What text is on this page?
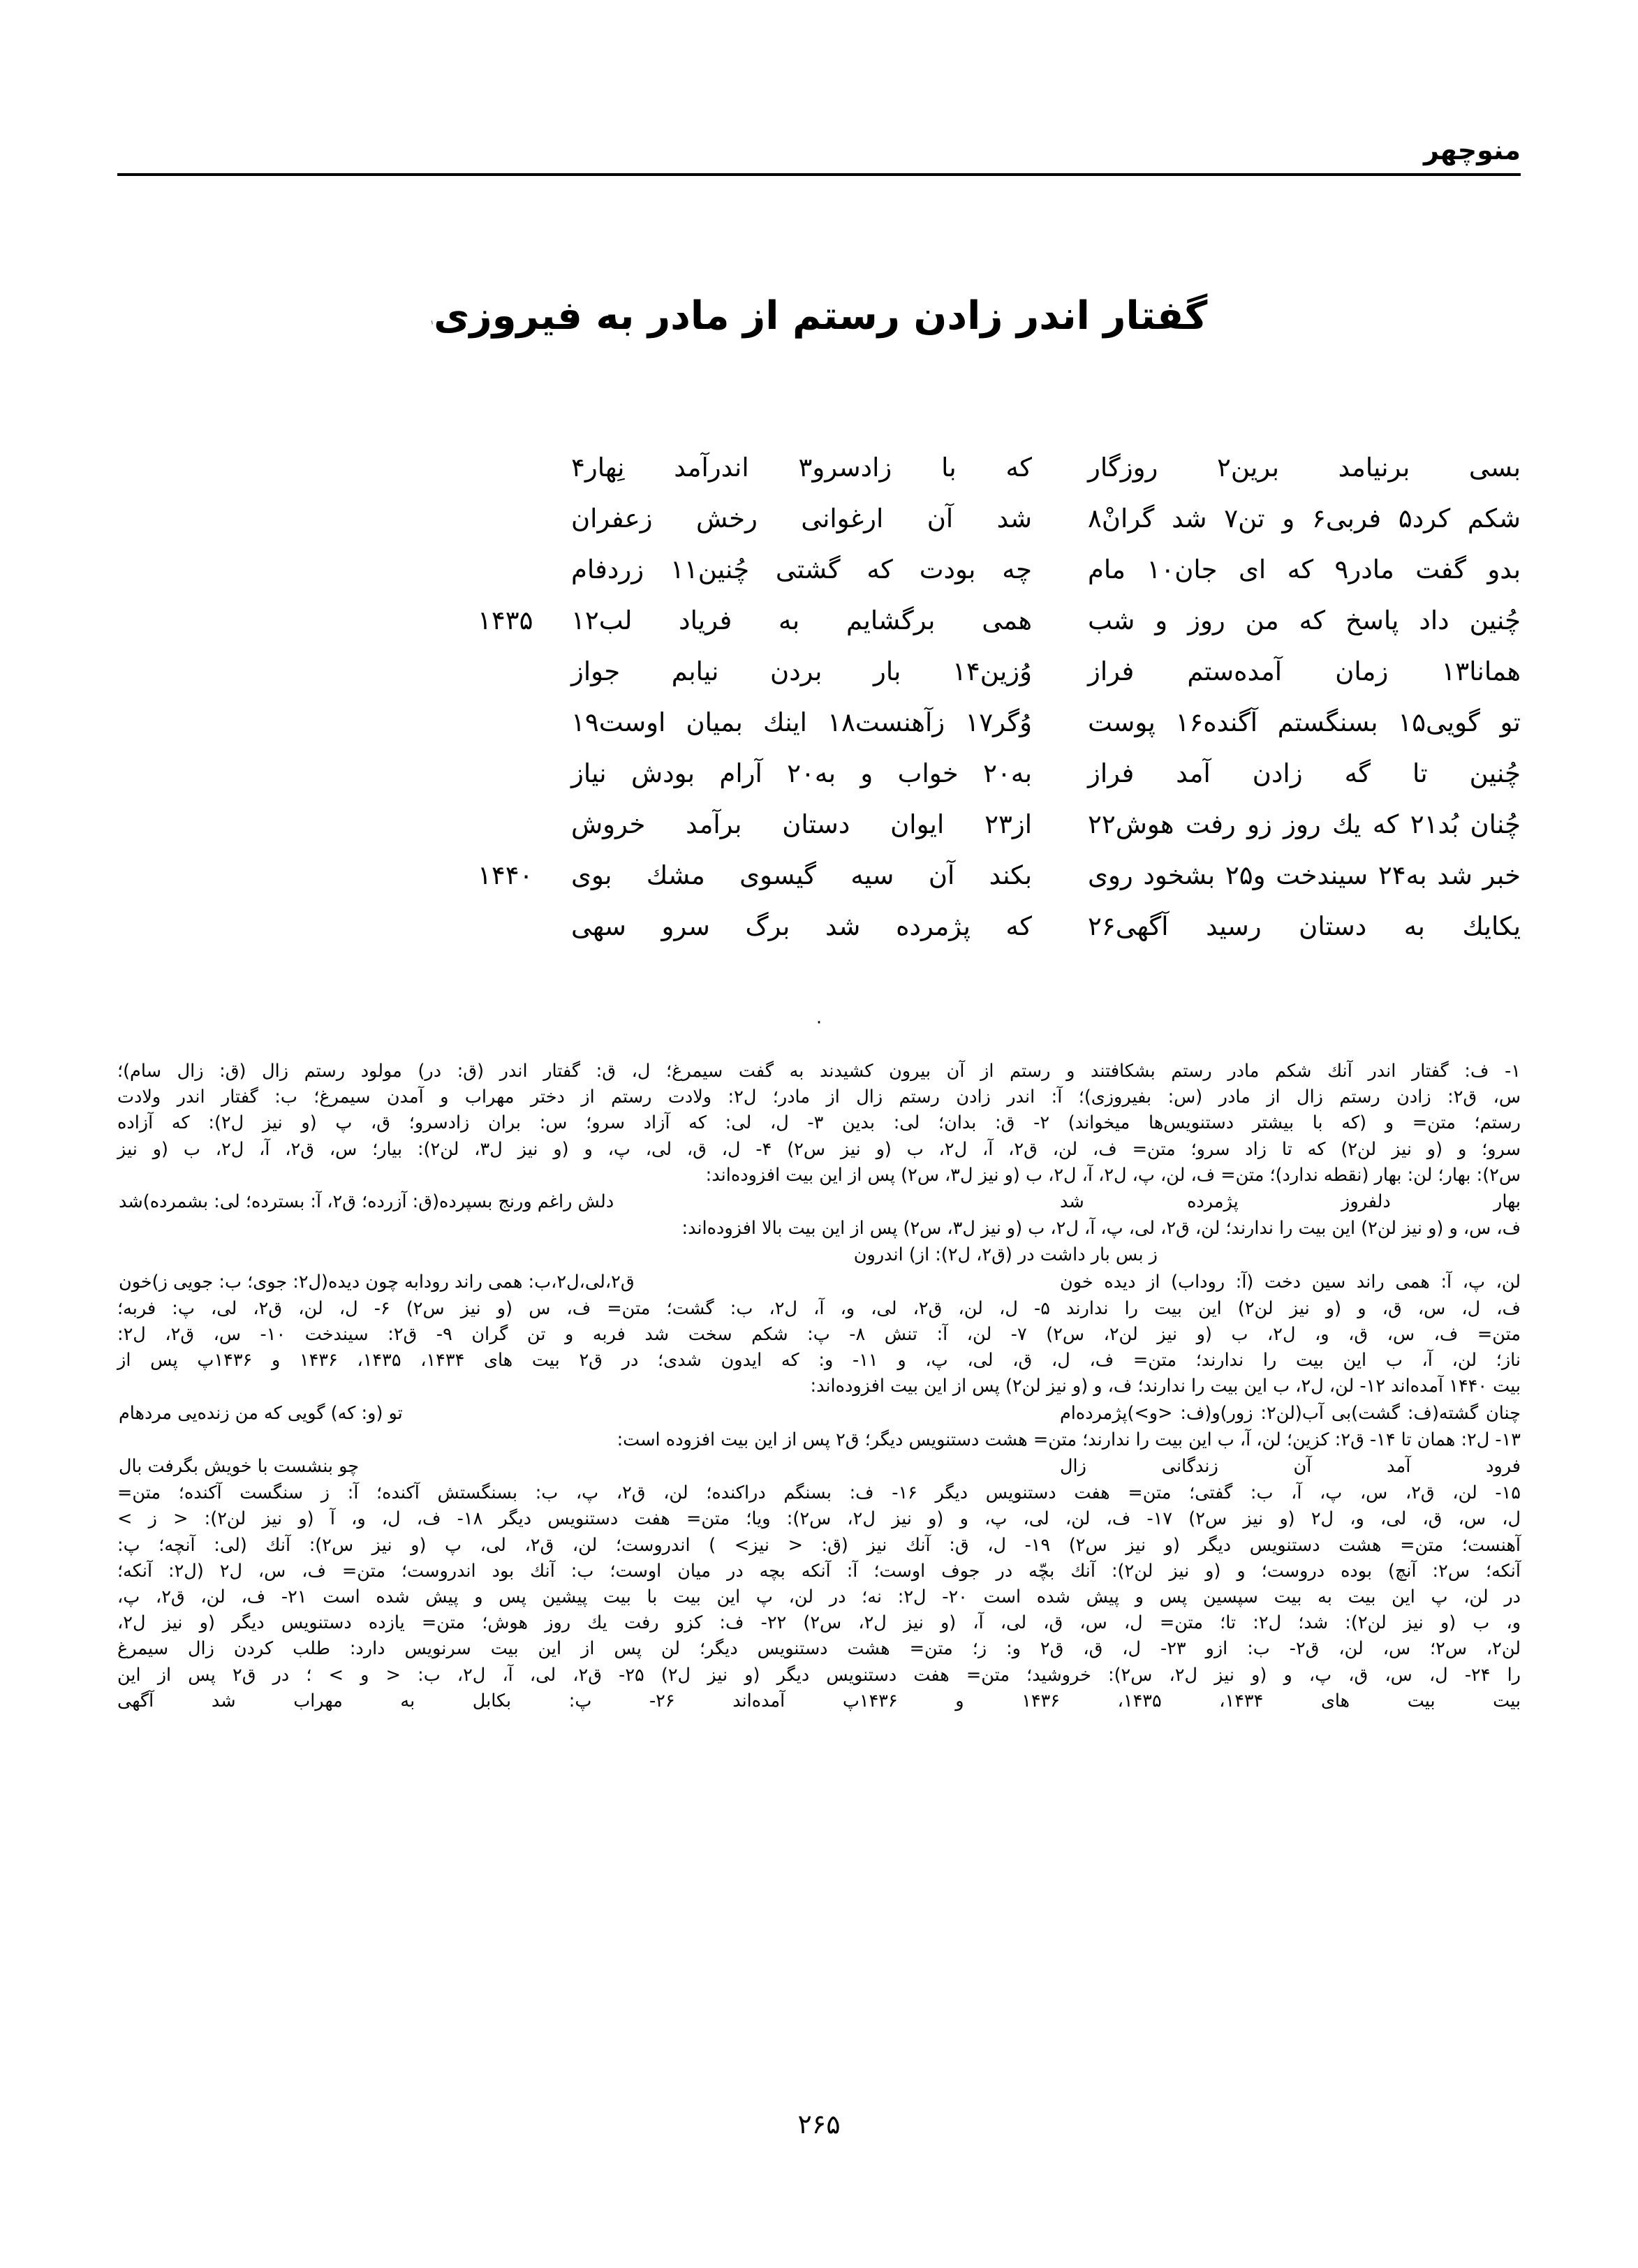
منوچهر
گفتار اندر زادن رستم از مادر به فیروزی$^۱$
بسی برنیامد برین۲ روزگار
که با زادسرو۳ اندرآمد نِهار۴
شكم كرد۵ فربی۶ و تن۷ شد گرانْ۸
شد آن ارغوانی رخش زعفران
بدو گفت مادر۹ كه ای جان۱۰ مام
چه بودت كه گشتی چُنین۱۱ زردفام
چُنین داد پاسخ كه من روز و شب
همی برگشایم به فریاد لب۱۲
۱۴۳۵
همانا۱۳ زمان آمده‌ستم فراز
وُزین۱۴ بار بردن نیابم جواز
تو گویی۱۵ بسنگستم آگنده۱۶ پوست
وُگر۱۷ زآهنست۱۸ اینك بمیان اوست۱۹
چُنین تا گه زادن آمد فراز
به۲۰ خواب و به۲۰ آرام بودش نیاز
چُنان بُد۲۱ كه یك روز زو رفت هوش۲۲
از۲۳ ایوان دستان برآمد خروش
خبر شد به۲۴ سیندخت و۲۵ بشخود روی
بكند آن سیه گیسوی مشك بوی
۱۴۴۰
یكایك به دستان رسید آگهی۲۶
كه پژمرده شد برگ سرو سهی
·
۱- ف: گفتار اندر آنك شكم مادر رستم بشكافتند و رستم از آن بیرون كشیدند به گفت سیمرغ؛ ل، ق: گفتار اندر (ق: در) مولود رستم زال (ق: زال سام)؛
س، ق۲: زادن رستم زال از مادر (س: بفیروزی)؛ آ: اندر زادن رستم زال از مادر؛ ل۲: ولادت رستم از دختر مهراب و آمدن سیمرغ؛ ب: گفتار اندر ولادت
رستم؛ متن= و (كه با بیشتر دستنویس‌ها میخواند) ۲- ق: بدان؛ لی: بدین ۳- ل، لی: كه آزاد سرو؛ س: بران زادسرو؛ ق، پ (و نیز ل۲): كه آزاده
سرو؛ و (و نیز لن۲) كه تا زاد سرو؛ متن= ف، لن، ق۲، آ، ل۲، ب (و نیز س۲) ۴- ل، ق، لی، پ، و (و نیز ل۳، لن۲): بیار؛ س، ق۲، آ، ل۲، ب (و نیز
س۲): بهار؛ لن: بهار (نقطه ندارد)؛ متن= ف، لن، پ، ل۲، آ، ل۲، ب (و نیز ل۳، س۲) پس از این بیت افزوده‌اند:
بهار دلفروز پژمرده شد
دلش راغم ورنج بسپرده(ق: آزرده؛ ق۲، آ: بسترده؛ لی: بشمرده)شد
ف، س، و (و نیز لن۲) این بیت را ندارند؛ لن، ق۲، لی، پ، آ، ل۲، ب (و نیز ل۳، س۲) پس از این بیت بالا افزوده‌اند:
ز بس بار داشت در (ق۲، ل۲): از) اندرون
لن، پ، آ: همی راند سین دخت (آ: روداب) از دیده خون
ق۲،لی،ل۲،ب: همی راند رودابه چون دیده(ل۲: جوی؛ ب: جویی ز)خون
ف، ل، س، ق، و (و نیز لن۲) این بیت را ندارند ۵- ل، لن، ق۲، لی، و، آ، ل۲، ب: گشت؛ متن= ف، س (و نیز س۲) ۶- ل، لن، ق۲، لی، پ: فربه؛
متن= ف، س، ق، و، ل۲، ب (و نیز لن۲، س۲) ۷- لن، آ: تنش ۸- پ: شكم سخت شد فربه و تن گران ۹- ق۲: سیندخت ۱۰- س، ق۲، ل۲:
ناز؛ لن، آ، ب این بیت را ندارند؛ متن= ف، ل، ق، لی، پ، و ۱۱- و: كه ایدون شدی؛ در ق۲ بیت های ۱۴۳۴، ۱۴۳۵، ۱۴۳۶ و ۱۴۳۶پ پس از
بیت ۱۴۴۰ آمده‌اند ۱۲- لن، ل۲، ب این بیت را ندارند؛ ف، و (و نیز لن۲) پس از این بیت افزوده‌اند:
چنان گشته(ف: گشت)بی آب(لن۲: زور)و(ف: <و>)پژمرده‌ام
تو (و: كه) گویی كه من زنده‌یی مردهام
۱۳- ل۲: همان تا ۱۴- ق۲: كزین؛ لن، آ، ب این بیت را ندارند؛ متن= هشت دستنویس دیگر؛ ق۲ پس از این بیت افزوده است:
فرود آمد آن زندگانی زال
چو بنشست با خویش بگرفت بال
۱۵- لن، ق۲، س، پ، آ، ب: گفتی؛ متن= هفت دستنویس دیگر ۱۶- ف: بسنگم دراكنده؛ لن، ق۲، پ، ب: بسنگستش آكنده؛ آ: ز سنگست آكنده؛ متن=
ل، س، ق، لی، و، ل۲ (و نیز س۲) ۱۷- ف، لن، لی، پ، و (و نیز ل۲، س۲): ویا؛ متن= هفت دستنویس دیگر ۱۸- ف، ل، و، آ (و نیز لن۲): < ز >
آهنست؛ متن= هشت دستنویس دیگر (و نیز س۲) ۱۹- ل، ق: آنك نیز (ق: < نیز> ) اندروست؛ لن، ق۲، لی، پ (و نیز س۲): آنك (لی: آنچه؛ پ:
آنكه؛ س۲: آنچ) بوده دروست؛ و (و نیز لن۲): آنك بچّه در جوف اوست؛ آ: آنكه بچه در میان اوست؛ ب: آنك بود اندروست؛ متن= ف، س، ل۲ (ل۲: آنكه؛
در لن، پ این بیت به بیت سپسین پس و پیش شده است ۲۰- ل۲: نه؛ در لن، پ این بیت با بیت پیشین پس و پیش شده است ۲۱- ف، لن، ق۲، پ،
و، ب (و نیز لن۲): شد؛ ل۲: تا؛ متن= ل، س، ق، لی، آ، (و نیز ل۲، س۲) ۲۲- ف: كزو رفت یك روز هوش؛ متن= یازده دستنویس دیگر (و نیز ل۲،
لن۲، س۲؛ س، لن، ق۲- ب: ازو ۲۳- ل، ق، ق۲ و: ز؛ متن= هشت دستنویس دیگر؛ لن پس از این بیت سرنویس دارد: طلب كردن زال سیمرغ
را ۲۴- ل، س، ق، پ، و (و نیز ل۲، س۲): خروشید؛ متن= هفت دستنویس دیگر (و نیز ل۲) ۲۵- ق۲، لی، آ، ل۲، ب: < و > ؛ در ق۲ پس از این
بیت بیت های ۱۴۳۴، ۱۴۳۵، ۱۴۳۶ و ۱۴۳۶پ آمده‌اند ۲۶- پ: بكابل به مهراب شد آگهی
۲۶۵
